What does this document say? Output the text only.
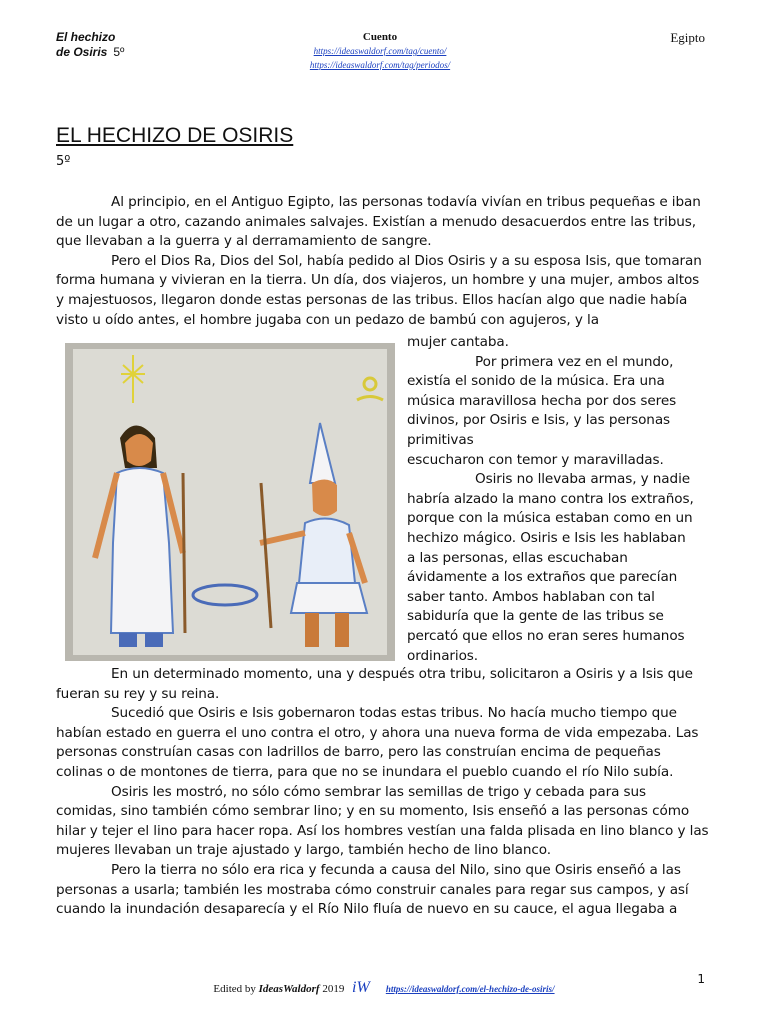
El hechizo
de Osiris 5º
Cuento
https://ideaswaldorf.com/tag/cuento/
https://ideaswaldorf.com/tag/periodos/
Egipto
EL HECHIZO DE OSIRIS
5º

Al principio, en el Antiguo Egipto, las personas todavía vivían en tribus pequeñas e iban de un lugar a otro, cazando animales salvajes. Existían a menudo desacuerdos entre las tribus, que llevaban a la guerra y al derramamiento de sangre.

Pero el Dios Ra, Dios del Sol, había pedido al Dios Osiris y a su esposa Isis, que tomaran forma humana y vivieran en la tierra. Un día, dos viajeros, un hombre y una mujer, ambos altos y majestuosos, llegaron donde estas personas de las tribus. Ellos hacían algo que nadie había visto u oído antes, el hombre jugaba con un pedazo de bambú con agujeros, y la

mujer cantaba.

Por primera vez en el mundo,

existía el sonido de la música. Era una

música maravillosa hecha por dos seres

divinos, por Osiris e Isis, y las personas

primitivas

escucharon con temor y maravilladas.

Osiris no llevaba armas, y nadie

habría alzado la mano contra los extraños,

porque con la música estaban como en un

hechizo mágico. Osiris e Isis les hablaban

a las personas, ellas escuchaban

ávidamente a los extraños que parecían

saber tanto. Ambos hablaban con tal

sabiduría que la gente de las tribus se

percató que ellos no eran seres humanos

ordinarios.

En un determinado momento, una y después otra tribu, solicitaron a Osiris y a Isis que fueran su rey y su reina.

Sucedió que Osiris e Isis gobernaron todas estas tribus. No hacía mucho tiempo que habían estado en guerra el uno contra el otro, y ahora una nueva forma de vida empezaba. Las personas construían casas con ladrillos de barro, pero las construían encima de pequeñas colinas o de montones de tierra, para que no se inundara el pueblo cuando el río Nilo subía.

Osiris les mostró, no sólo cómo sembrar las semillas de trigo y cebada para sus comidas, sino también cómo sembrar lino; y en su momento, Isis enseñó a las personas cómo hilar y tejer el lino para hacer ropa. Así los hombres vestían una falda plisada en lino blanco y las mujeres llevaban un traje ajustado y largo, también hecho de lino blanco.

Pero la tierra no sólo era rica y fecunda a causa del Nilo, sino que Osiris enseñó a las personas a usarla; también les mostraba cómo construir canales para regar sus campos, y así cuando la inundación desaparecía y el Río Nilo fluía de nuevo en su cauce, el agua llegaba a

Edited by IdeasWaldorf 2019 iW https://ideaswaldorf.com/el-hechizo-de-osiris/
1
